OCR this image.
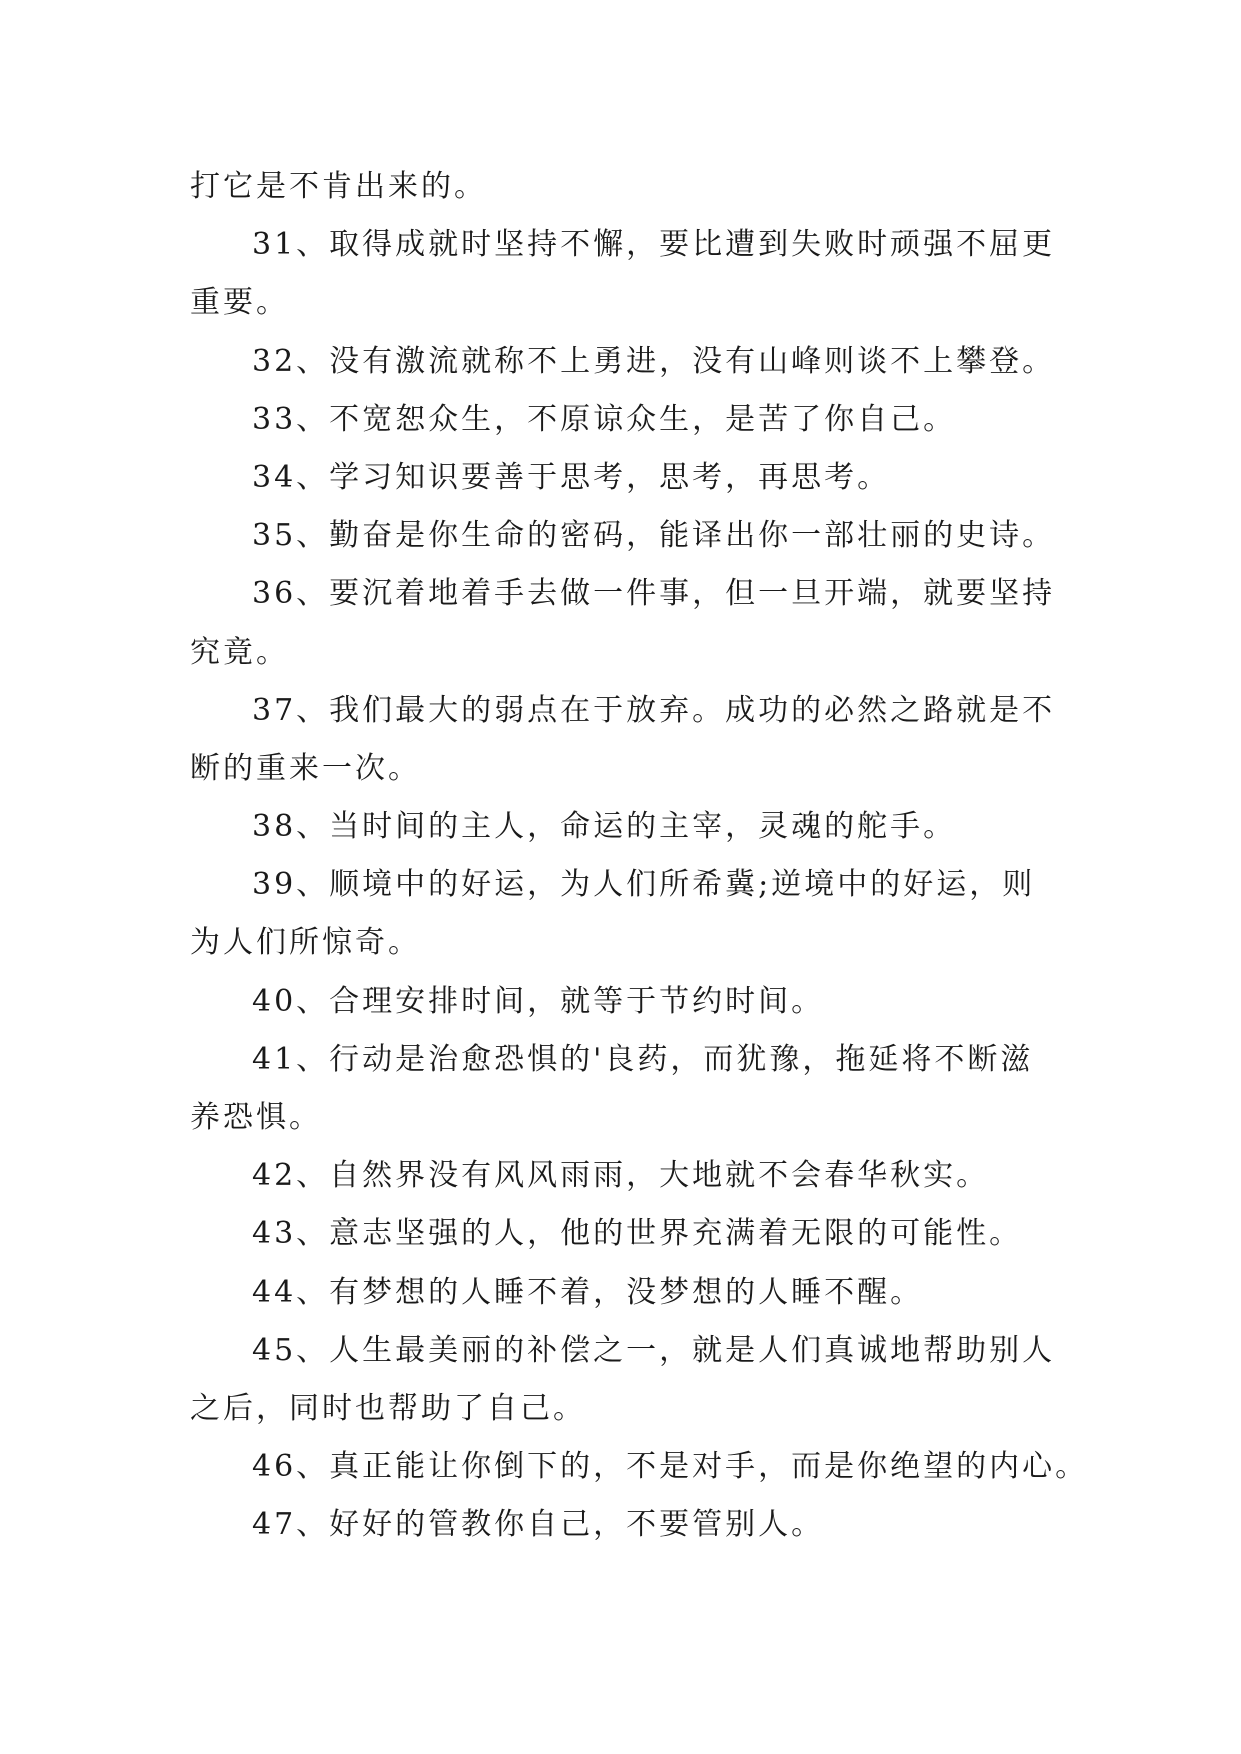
打它是不肯出来的。
31、取得成就时坚持不懈，要比遭到失败时顽强不屈更
重要。
32、没有激流就称不上勇进，没有山峰则谈不上攀登。
33、不宽恕众生，不原谅众生，是苦了你自己。
34、学习知识要善于思考，思考，再思考。
35、勤奋是你生命的密码，能译出你一部壮丽的史诗。
36、要沉着地着手去做一件事，但一旦开端，就要坚持
究竟。
37、我们最大的弱点在于放弃。成功的必然之路就是不
断的重来一次。
38、当时间的主人，命运的主宰，灵魂的舵手。
39、顺境中的好运，为人们所希冀;逆境中的好运，则
为人们所惊奇。
40、合理安排时间，就等于节约时间。
41、行动是治愈恐惧的'良药，而犹豫，拖延将不断滋
养恐惧。
42、自然界没有风风雨雨，大地就不会春华秋实。
43、意志坚强的人，他的世界充满着无限的可能性。
44、有梦想的人睡不着，没梦想的人睡不醒。
45、人生最美丽的补偿之一，就是人们真诚地帮助别人
之后，同时也帮助了自己。
46、真正能让你倒下的，不是对手，而是你绝望的内心。
47、好好的管教你自己，不要管别人。
